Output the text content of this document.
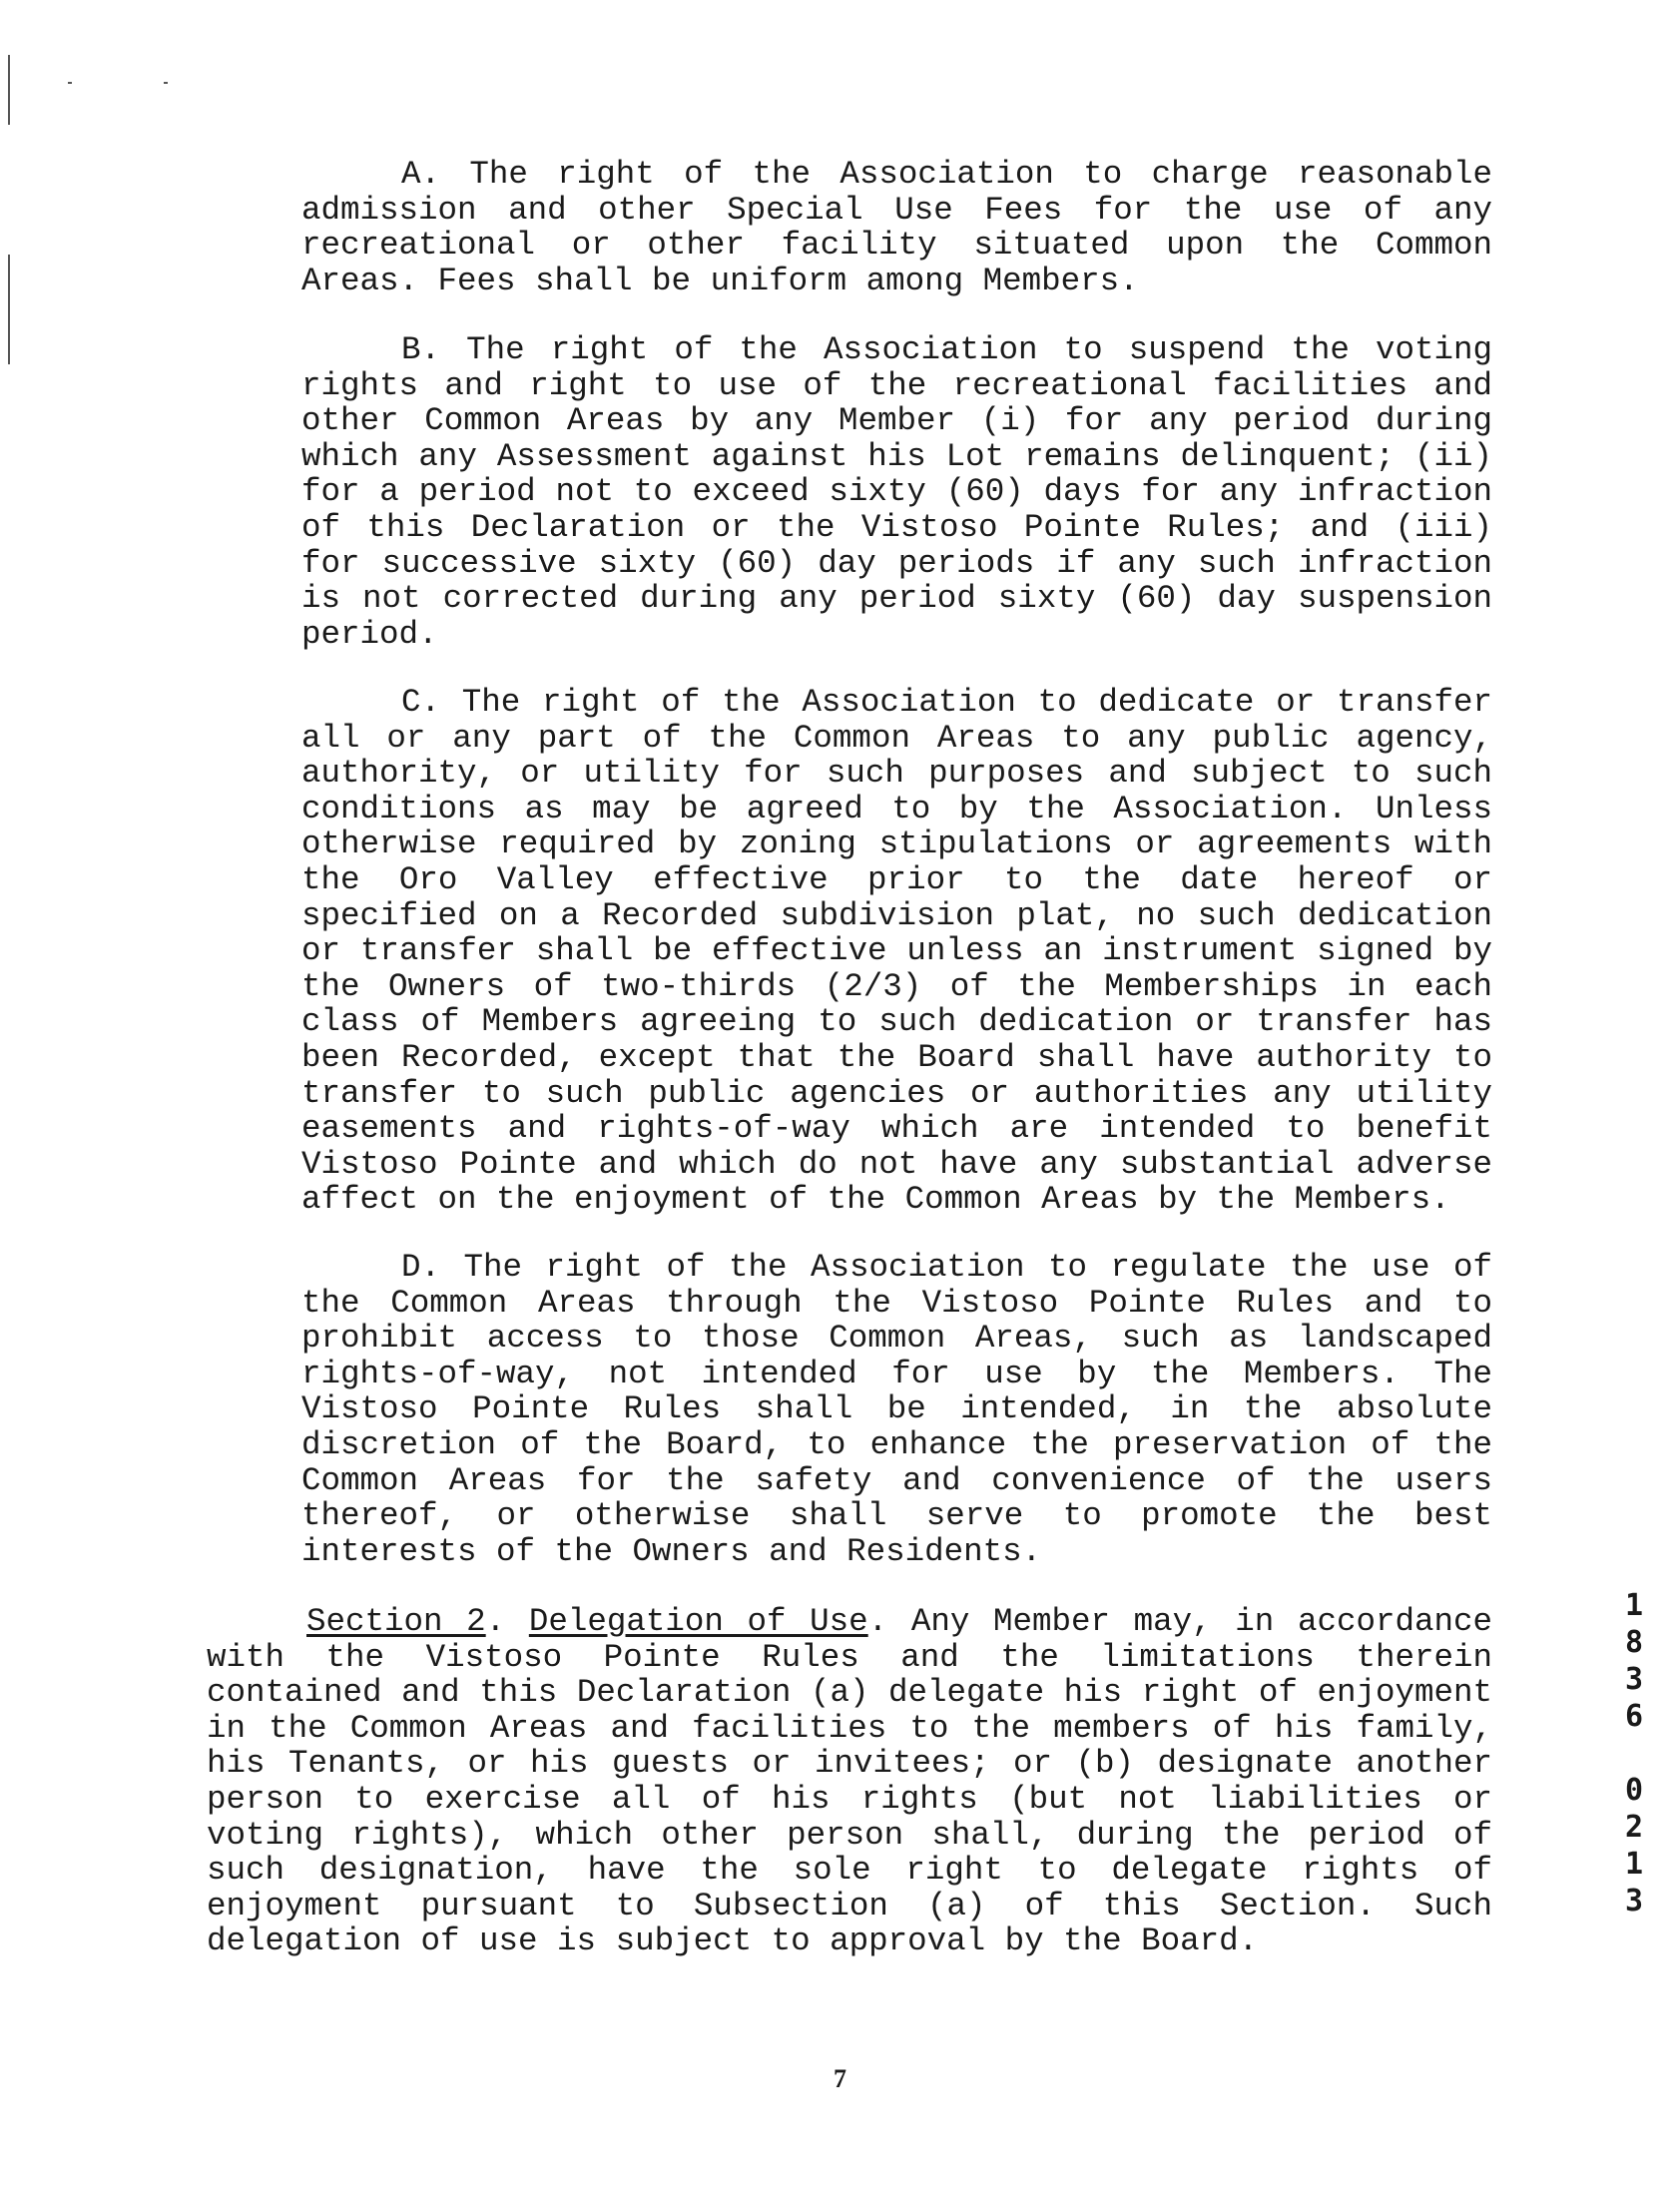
A. The right of the Association to charge reasonable admission and other Special Use Fees for the use of any recreational or other facility situated upon the Common Areas. Fees shall be uniform among Members.

B. The right of the Association to suspend the voting rights and right to use of the recreational facilities and other Common Areas by any Member (i) for any period during which any Assessment against his Lot remains delinquent; (ii) for a period not to exceed sixty (60) days for any infraction of this Declaration or the Vistoso Pointe Rules; and (iii) for successive sixty (60) day periods if any such infraction is not corrected during any period sixty (60) day suspension period.

C. The right of the Association to dedicate or transfer all or any part of the Common Areas to any public agency, authority, or utility for such purposes and subject to such conditions as may be agreed to by the Association. Unless otherwise required by zoning stipulations or agreements with the Oro Valley effective prior to the date hereof or specified on a Recorded subdivision plat, no such dedication or transfer shall be effective unless an instrument signed by the Owners of two-thirds (2/3) of the Memberships in each class of Members agreeing to such dedication or transfer has been Recorded, except that the Board shall have authority to transfer to such public agencies or authorities any utility easements and rights-of-way which are intended to benefit Vistoso Pointe and which do not have any substantial adverse affect on the enjoyment of the Common Areas by the Members.

D. The right of the Association to regulate the use of the Common Areas through the Vistoso Pointe Rules and to prohibit access to those Common Areas, such as landscaped rights-of-way, not intended for use by the Members. The Vistoso Pointe Rules shall be intended, in the absolute discretion of the Board, to enhance the preservation of the Common Areas for the safety and convenience of the users thereof, or otherwise shall serve to promote the best interests of the Owners and Residents.

Section 2. Delegation of Use. Any Member may, in accordance with the Vistoso Pointe Rules and the limitations therein contained and this Declaration (a) delegate his right of enjoyment in the Common Areas and facilities to the members of his family, his Tenants, or his guests or invitees; or (b) designate another person to exercise all of his rights (but not liabilities or voting rights), which other person shall, during the period of such designation, have the sole right to delegate rights of enjoyment pursuant to Subsection (a) of this Section. Such delegation of use is subject to approval by the Board.

7
1
8
3
6

0
2
1
3
